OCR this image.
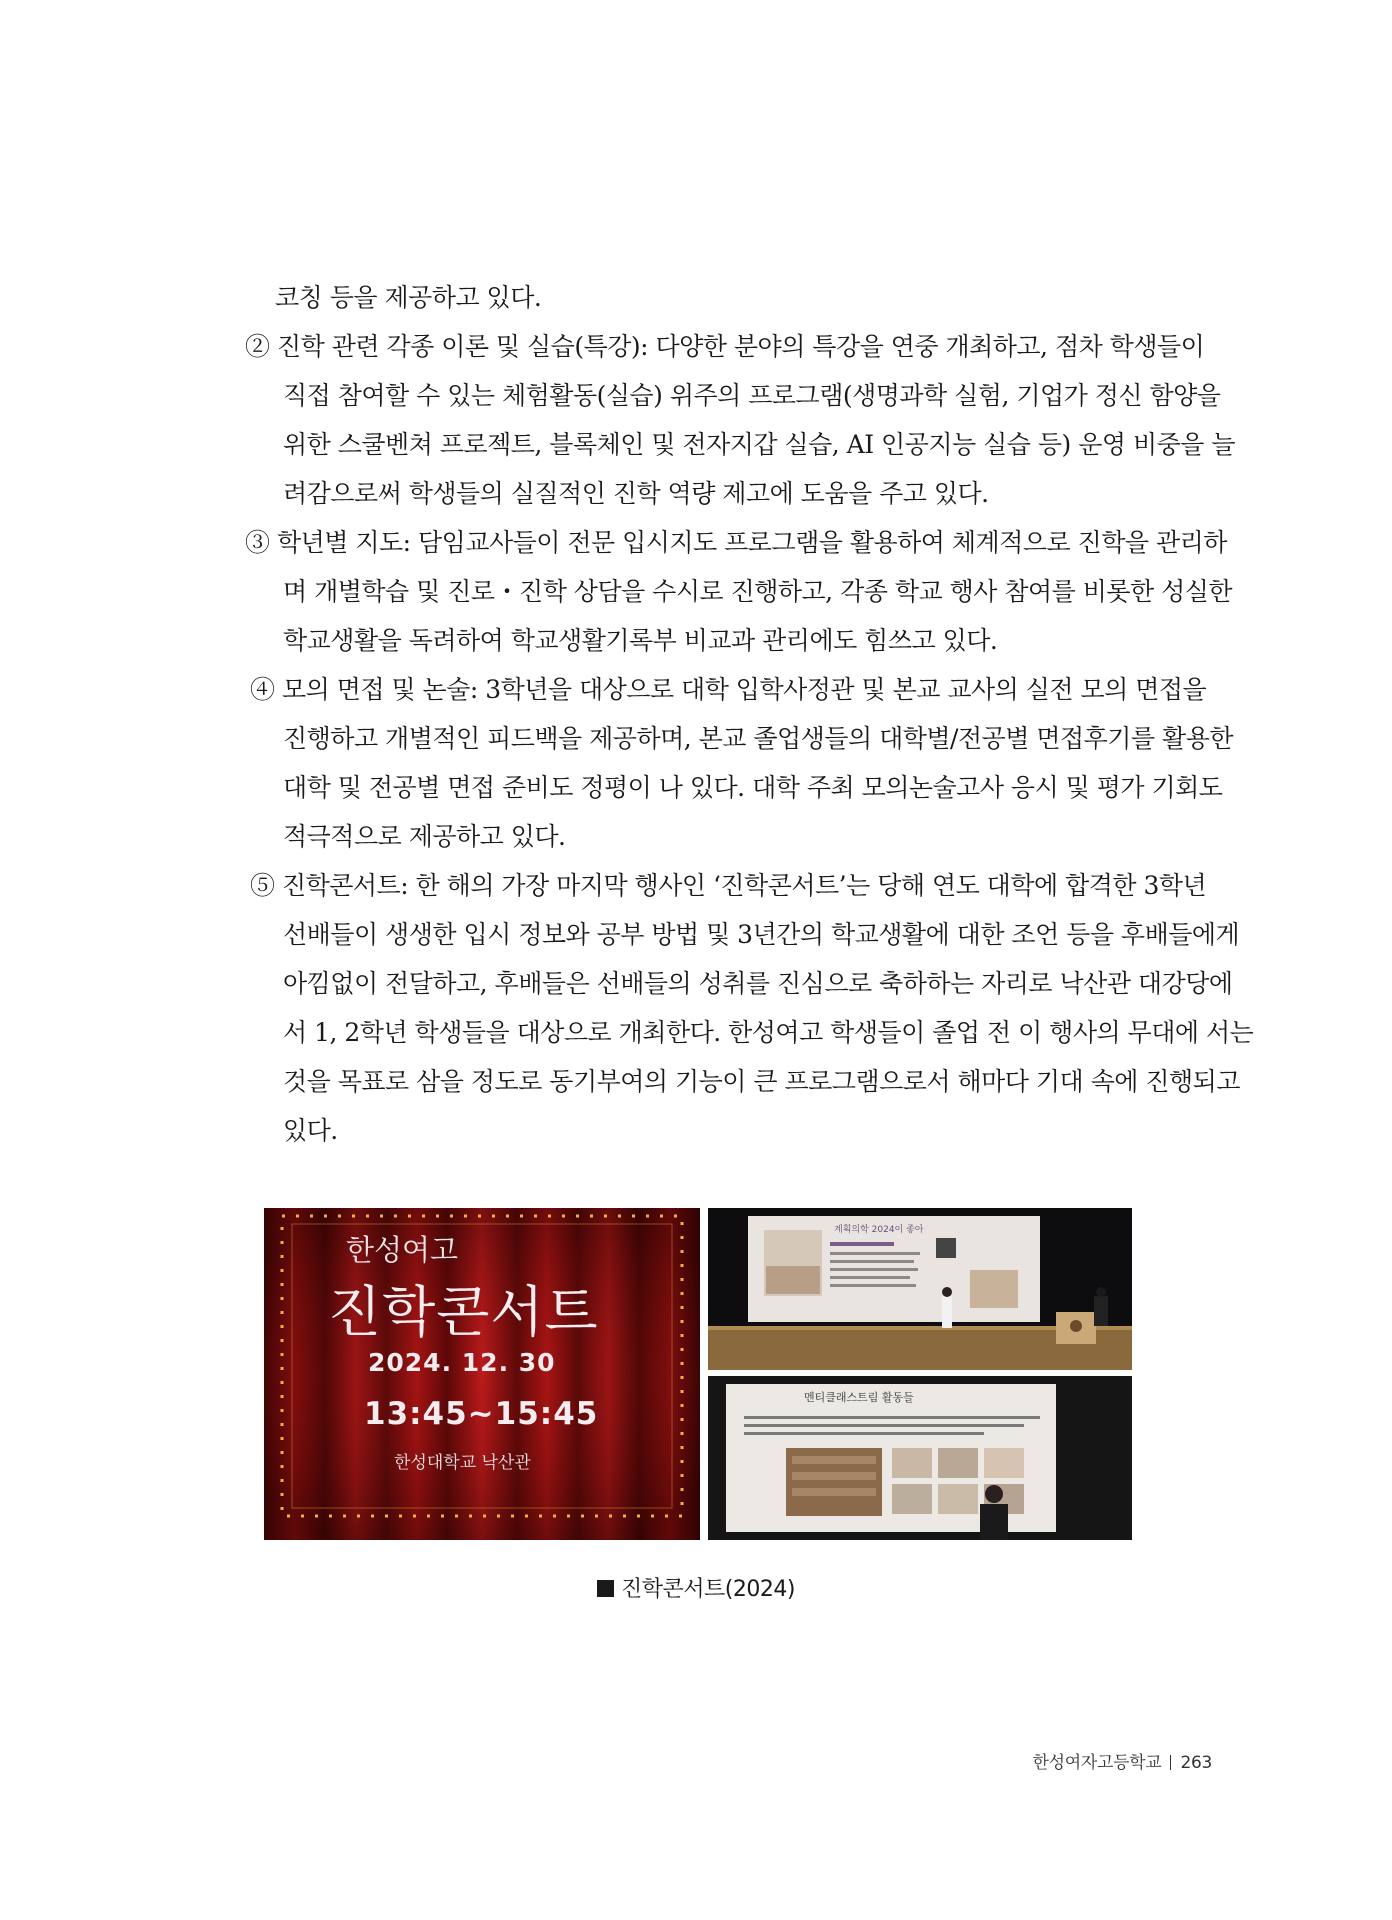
코칭 등을 제공하고 있다.
② 진학 관련 각종 이론 및 실습(특강): 다양한 분야의 특강을 연중 개최하고, 점차 학생들이
직접 참여할 수 있는 체험활동(실습) 위주의 프로그램(생명과학 실험, 기업가 정신 함양을
위한 스쿨벤쳐 프로젝트, 블록체인 및 전자지갑 실습, AI 인공지능 실습 등) 운영 비중을 늘
려감으로써 학생들의 실질적인 진학 역량 제고에 도움을 주고 있다.
③ 학년별 지도: 담임교사들이 전문 입시지도 프로그램을 활용하여 체계적으로 진학을 관리하
며 개별학습 및 진로・진학 상담을 수시로 진행하고, 각종 학교 행사 참여를 비롯한 성실한
학교생활을 독려하여 학교생활기록부 비교과 관리에도 힘쓰고 있다.
④ 모의 면접 및 논술: 3학년을 대상으로 대학 입학사정관 및 본교 교사의 실전 모의 면접을
진행하고 개별적인 피드백을 제공하며, 본교 졸업생들의 대학별/전공별 면접후기를 활용한
대학 및 전공별 면접 준비도 정평이 나 있다. 대학 주최 모의논술고사 응시 및 평가 기회도
적극적으로 제공하고 있다.
⑤ 진학콘서트: 한 해의 가장 마지막 행사인 ‘진학콘서트’는 당해 연도 대학에 합격한 3학년
선배들이 생생한 입시 정보와 공부 방법 및 3년간의 학교생활에 대한 조언 등을 후배들에게
아낌없이 전달하고, 후배들은 선배들의 성취를 진심으로 축하하는 자리로 낙산관 대강당에
서 1, 2학년 학생들을 대상으로 개최한다. 한성여고 학생들이 졸업 전 이 행사의 무대에 서는
것을 목표로 삼을 정도로 동기부여의 기능이 큰 프로그램으로서 해마다 기대 속에 진행되고
있다.
한성여고
진학콘서트
2024. 12. 30
13:45~15:45
한성대학교 낙산관
계획의학 2024이 좋아
멘티클래스트림 활동들
진학콘서트(2024)
한성여자고등학교 263
